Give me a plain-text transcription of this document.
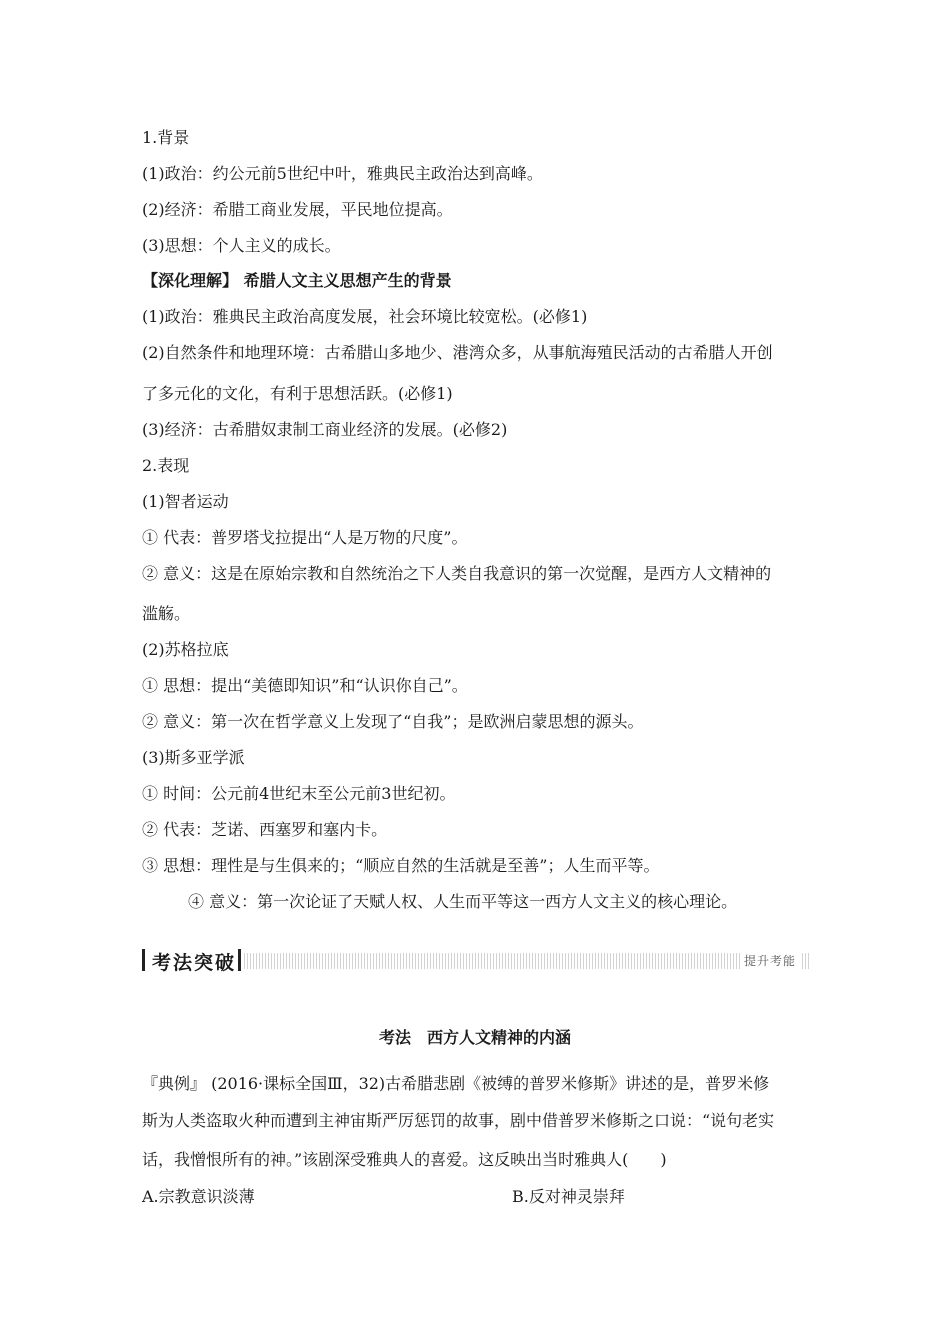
1.背景
(1)政治：约公元前5世纪中叶，雅典民主政治达到高峰。
(2)经济：希腊工商业发展，平民地位提高。
(3)思想：个人主义的成长。
【深化理解】 希腊人文主义思想产生的背景
(1)政治：雅典民主政治高度发展，社会环境比较宽松。(必修1)
(2)自然条件和地理环境：古希腊山多地少、港湾众多，从事航海殖民活动的古希腊人开创
了多元化的文化，有利于思想活跃。(必修1)
(3)经济：古希腊奴隶制工商业经济的发展。(必修2)
2.表现
(1)智者运动
① 代表：普罗塔戈拉提出“人是万物的尺度”。
② 意义：这是在原始宗教和自然统治之下人类自我意识的第一次觉醒，是西方人文精神的
滥觞。
(2)苏格拉底
① 思想：提出“美德即知识”和“认识你自己”。
② 意义：第一次在哲学意义上发现了“自我”；是欧洲启蒙思想的源头。
(3)斯多亚学派
① 时间：公元前4世纪末至公元前3世纪初。
② 代表：芝诺、西塞罗和塞内卡。
③ 思想：理性是与生俱来的；“顺应自然的生活就是至善”；人生而平等。
④ 意义：第一次论证了天赋人权、人生而平等这一西方人文主义的核心理论。
考法突破	提升考能
考法　西方人文精神的内涵
『典例』 (2016·课标全国Ⅲ，32)古希腊悲剧《被缚的普罗米修斯》讲述的是，普罗米修
斯为人类盗取火种而遭到主神宙斯严厉惩罚的故事，剧中借普罗米修斯之口说：“说句老实
话，我憎恨所有的神。”该剧深受雅典人的喜爱。这反映出当时雅典人(　　)
A.宗教意识淡薄	B.反对神灵崇拜
